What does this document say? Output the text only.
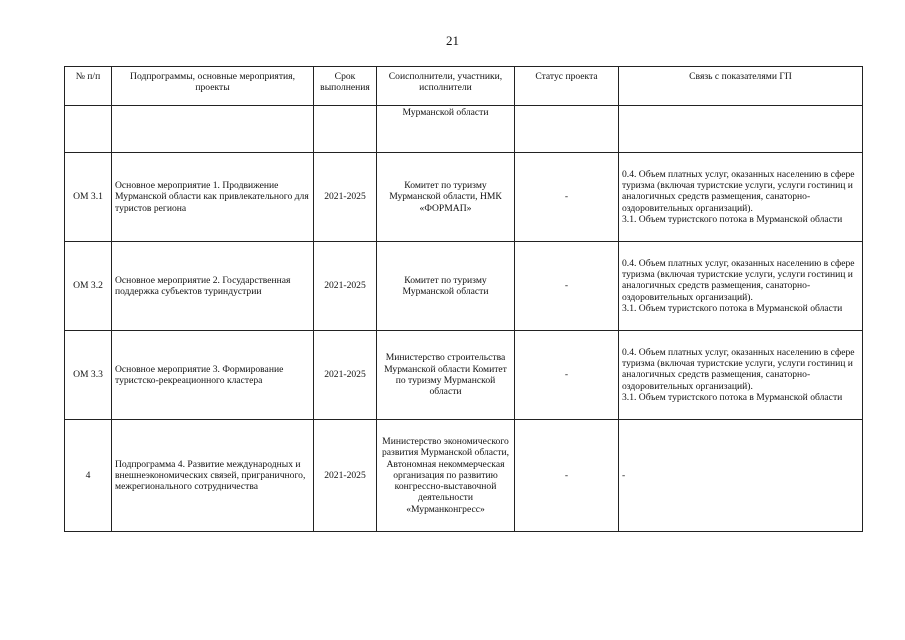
21
№ п/п	Подпрограммы, основные мероприятия, проекты	Срок выполнения	Соисполнители, участники, исполнители	Статус проекта	Связь с показателями ГП
			Мурманской области		
ОМ 3.1	Основное мероприятие 1. Продвижение Мурманской области как привлекательного для туристов региона	2021-2025	Комитет по туризму Мурманской области, НМК «ФОРМАП»	-	0.4. Объем платных услуг, оказанных населению в сфере туризма (включая туристские услуги, услуги гостиниц и аналогичных средств размещения, санаторно-оздоровительных организаций).
3.1. Объем туристского потока в Мурманской области
ОМ 3.2	Основное мероприятие 2. Государственная поддержка субъектов туриндустрии	2021-2025	Комитет по туризму Мурманской области	-	0.4. Объем платных услуг, оказанных населению в сфере туризма (включая туристские услуги, услуги гостиниц и аналогичных средств размещения, санаторно-оздоровительных организаций).
3.1. Объем туристского потока в Мурманской области
ОМ 3.3	Основное мероприятие 3. Формирование туристско-рекреационного кластера	2021-2025	Министерство строительства Мурманской области Комитет по туризму Мурманской области	-	0.4. Объем платных услуг, оказанных населению в сфере туризма (включая туристские услуги, услуги гостиниц и аналогичных средств размещения, санаторно-оздоровительных организаций).
3.1. Объем туристского потока в Мурманской области
4	Подпрограмма 4. Развитие международных и внешнеэкономических связей, приграничного, межрегионального сотрудничества	2021-2025	Министерство экономического развития Мурманской области, Автономная некоммерческая организация по развитию конгрессно-выставочной деятельности «Мурманконгресс»	-	-
